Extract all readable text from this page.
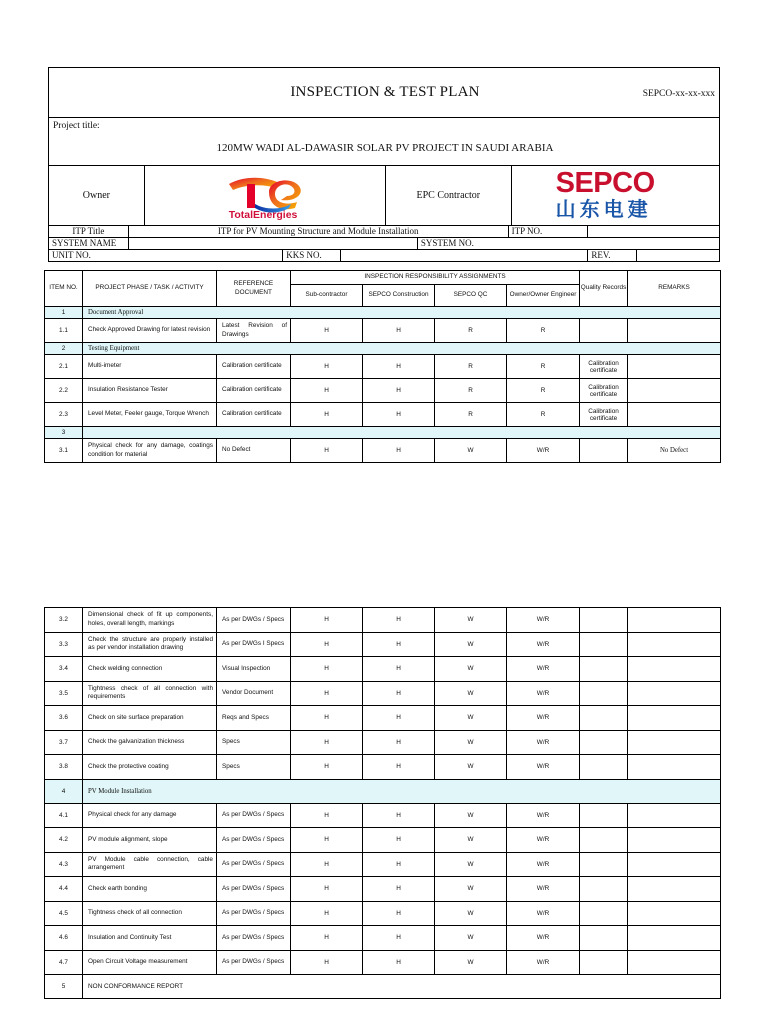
INSPECTION & TEST PLAN	SEPCO-xx-xx-xxx
Project title:
120MW WADI AL-DAWASIR SOLAR PV PROJECT IN SAUDI ARABIA
Owner
TotalEnergies
EPC Contractor	SEPCO
山东电建
ITP Title	ITP for PV Mounting Structure and Module Installation	ITP NO.
SYSTEM NAME	SYSTEM NO.
UNIT NO.	KKS NO.	REV.
ITEM NO.	PROJECT PHASE / TASK / ACTIVITY	REFERENCE DOCUMENT	INSPECTION RESPONSIBILITY ASSIGNMENTS				Quality Records	REMARKS
			Sub-contractor	SEPCO Construction	SEPCO QC	Owner/Owner Engineer		
1	Document Approval							
1.1	Check Approved Drawing for latest revision	Latest Revision of Drawings	H	H	R	R		
2	Testing Equipment							
2.1	Multi-imeter	Calibration certificate	H	H	R	R	Calibration certificate	
2.2	Insulation Resistance Tester	Calibration certificate	H	H	R	R	Calibration certificate	
2.3	Level Meter, Feeler gauge, Torque Wrench	Calibration certificate	H	H	R	R	Calibration certificate	
3								
3.1	Physical check for any damage, coatings condition for material	No Defect	H	H	W	W/R		No Defect
3.2	Dimensional check of fit up components, holes, overall length, markings	As per DWGs / Specs	H	H	W	W/R		
3.3	Check the structure are properly installed as per vendor installation drawing	As per DWGs I Specs	H	H	W	W/R		
3.4	Check welding connection	Visual Inspection	H	H	W	W/R		
3.5	Tightness check of all connection with requirements	Vendor Document	H	H	W	W/R		
3.6	Check on site surface preparation	Reqs and Specs	H	H	W	W/R		
3.7	Check the galvanization thickness	Specs	H	H	W	W/R		
3.8	Check the protective coating	Specs	H	H	W	W/R		
4	PV Module Installation							
4.1	Physical check for any damage	As per DWGs / Specs	H	H	W	W/R		
4.2	PV module alignment, slope	As per DWGs / Specs	H	H	W	W/R		
4.3	PV Module cable connection, cable arrangement	As per DWGs / Specs	H	H	W	W/R		
4.4	Check earth bonding	As per DWGs / Specs	H	H	W	W/R		
4.5	Tightness check of all connection	As per DWGs / Specs	H	H	W	W/R		
4.6	Insulation and Continuity Test	As per DWGs / Specs	H	H	W	W/R		
4.7	Open Circuit Voltage measurement	As per DWGs / Specs	H	H	W	W/R		
5	NON CONFORMANCE REPORT							
